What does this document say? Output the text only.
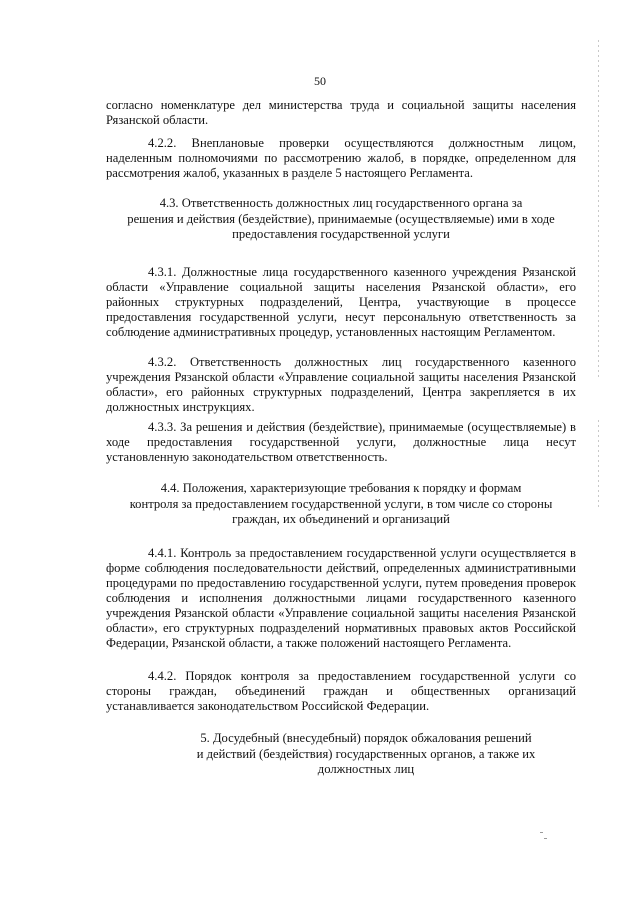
50

согласно номенклатуре дел министерства труда и социальной защиты населения Рязанской области.

4.2.2. Внеплановые проверки осуществляются должностным лицом, наделенным полномочиями по рассмотрению жалоб, в порядке, определенном для рассмотрения жалоб, указанных в разделе 5 настоящего Регламента.

4.3. Ответственность должностных лиц государственного органа за
решения и действия (бездействие), принимаемые (осуществляемые) ими в ходе
предоставления государственной услуги

4.3.1. Должностные лица государственного казенного учреждения Рязанской области «Управление социальной защиты населения Рязанской области», его районных структурных подразделений, Центра, участвующие в процессе предоставления государственной услуги, несут персональную ответственность за соблюдение административных процедур, установленных настоящим Регламентом.

4.3.2. Ответственность должностных лиц государственного казенного учреждения Рязанской области «Управление социальной защиты населения Рязанской области», его районных структурных подразделений, Центра закрепляется в их должностных инструкциях.

4.3.3. За решения и действия (бездействие), принимаемые (осуществляемые) в ходе предоставления государственной услуги, должностные лица несут установленную законодательством ответственность.

4.4. Положения, характеризующие требования к порядку и формам
контроля за предоставлением государственной услуги, в том числе со стороны
граждан, их объединений и организаций

4.4.1. Контроль за предоставлением государственной услуги осуществляется в форме соблюдения последовательности действий, определенных административными процедурами по предоставлению государственной услуги, путем проведения проверок соблюдения и исполнения должностными лицами государственного казенного учреждения Рязанской области «Управление социальной защиты населения Рязанской области», его структурных подразделений нормативных правовых актов Российской Федерации, Рязанской области, а также положений настоящего Регламента.

4.4.2. Порядок контроля за предоставлением государственной услуги со стороны граждан, объединений граждан и общественных организаций устанавливается законодательством Российской Федерации.

5. Досудебный (внесудебный) порядок обжалования решений
и действий (бездействия) государственных органов, а также их
должностных лиц
